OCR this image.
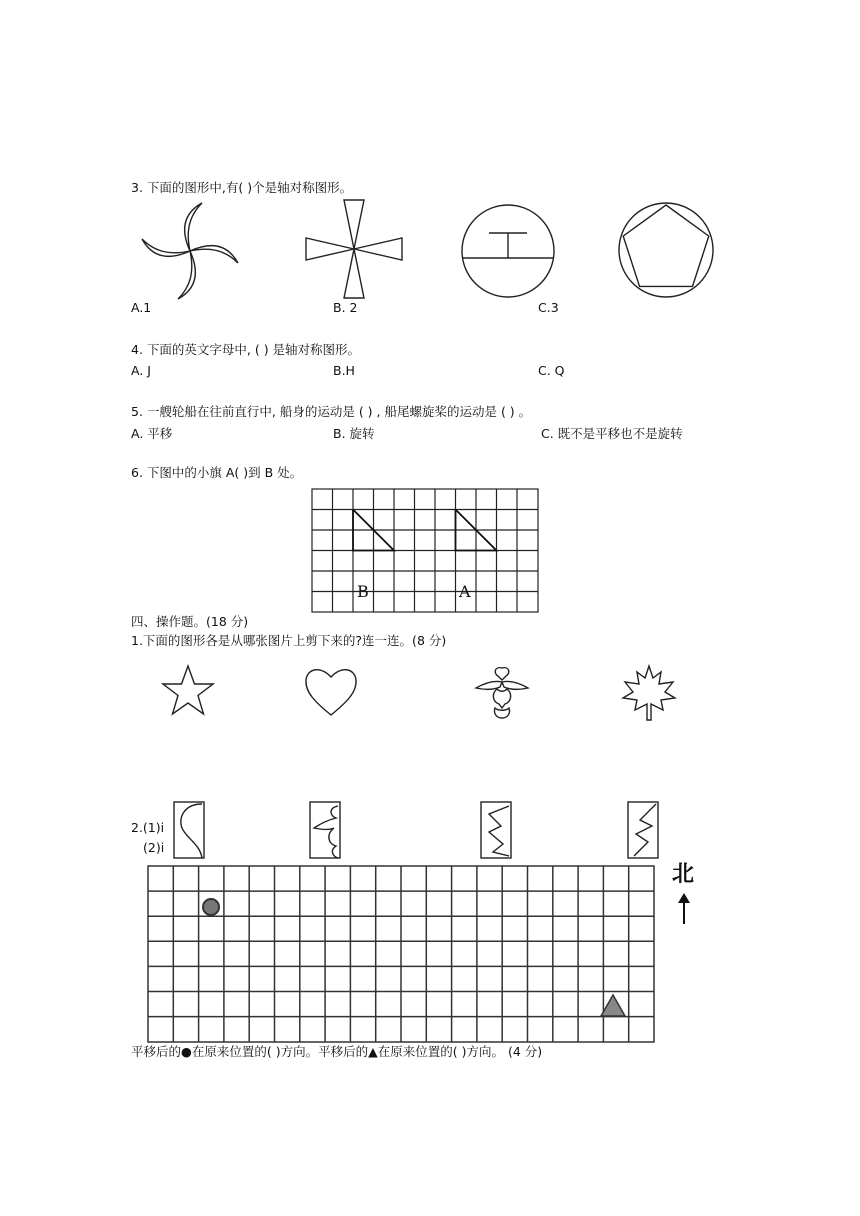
3. 下面的图形中,有( )个是轴对称图形。
A.1	B. 2	C.3
4. 下面的英文字母中, ( ) 是轴对称图形。
A. J	B.H	C. Q
5. 一艘轮船在往前直行中, 船身的运动是 ( ) , 船尾螺旋桨的运动是 ( ) 。
A. 平移	B. 旋转	C. 既不是平移也不是旋转
6. 下图中的小旗 A( )到 B 处。
B	A
四、操作题。(18 分)
1.下面的图形各是从哪张图片上剪下来的?连一连。(8 分)
2.(1)i
(2)i
北
平移后的●在原来位置的( )方向。平移后的▲在原来位置的( )方向。 (4 分)
